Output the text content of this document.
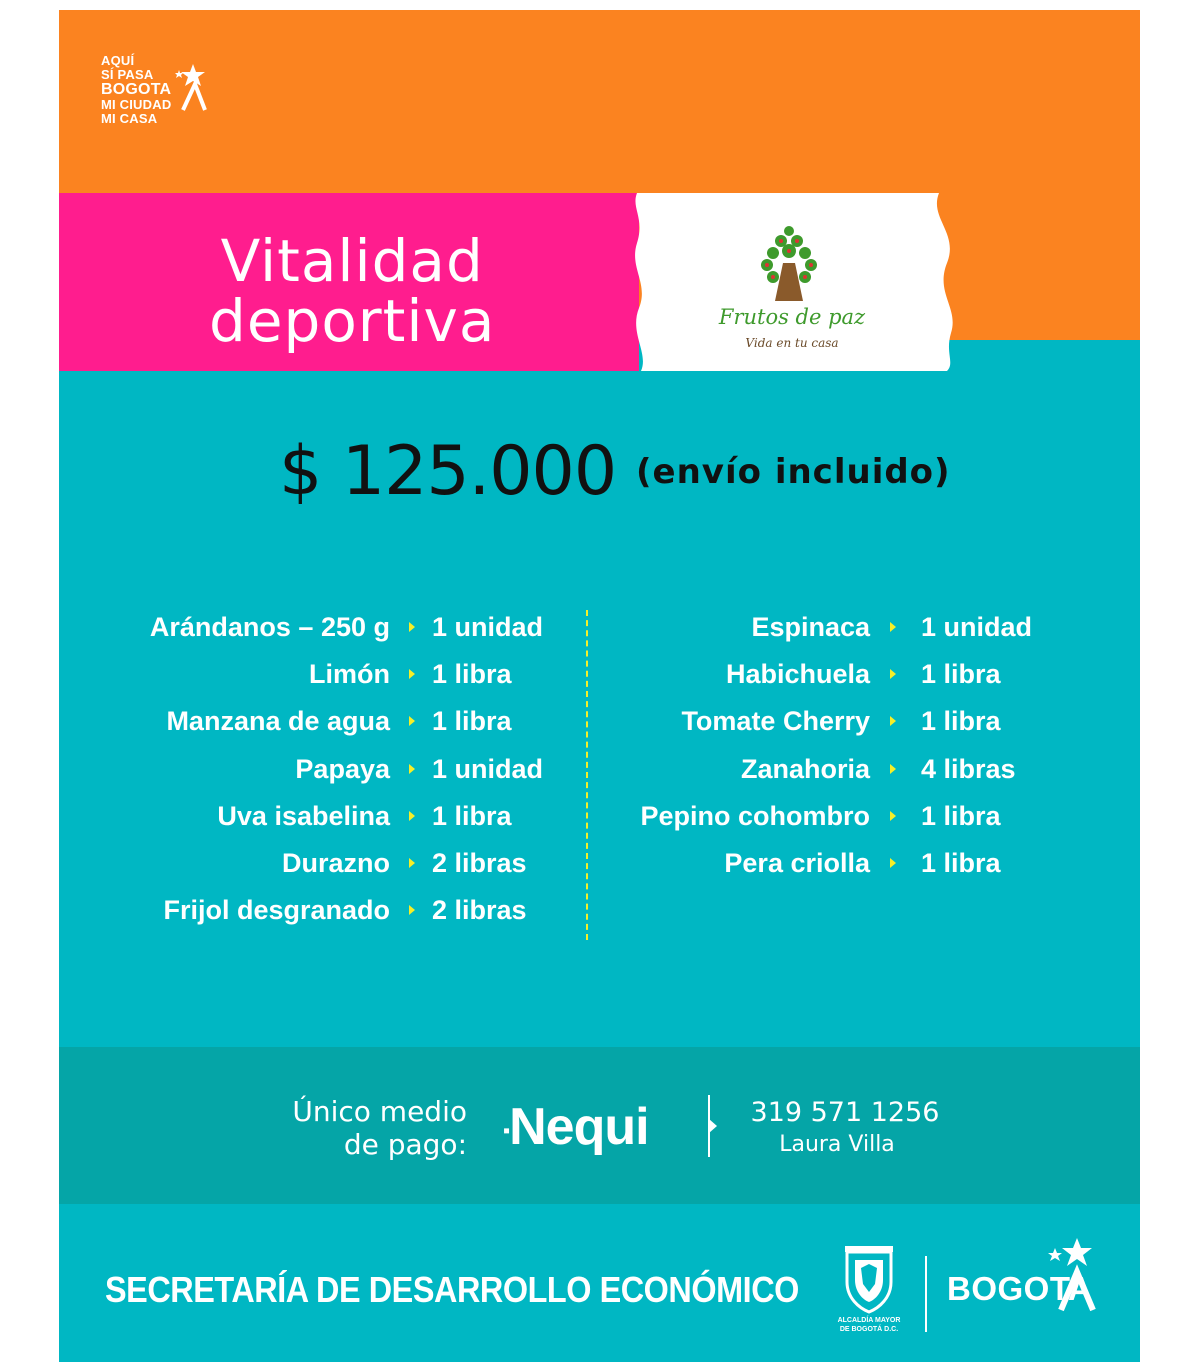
AQUÍ
SÍ PASA
BOGOTA
MI CIUDAD
MI CASA
Vitalidad
deportiva	Frutos de paz
Vida en tu casa
$ 125.000 (envío incluido)
Arándanos – 250 g 1 unidad
Limón 1 libra
Manzana de agua 1 libra
Papaya 1 unidad
Uva isabelina 1 libra
Durazno 2 libras
Frijol desgranado 2 libras
Espinaca 1 unidad
Habichuela 1 libra
Tomate Cherry 1 libra
Zanahoria 4 libras
Pepino cohombro 1 libra
Pera criolla 1 libra
Único medio
de pago: ▪Nequi	319 571 1256
Laura Villa
SECRETARÍA DE DESARROLLO ECONÓMICO
ALCALDÍA MAYOR
DE BOGOTÁ D.C.
BOGOTA
